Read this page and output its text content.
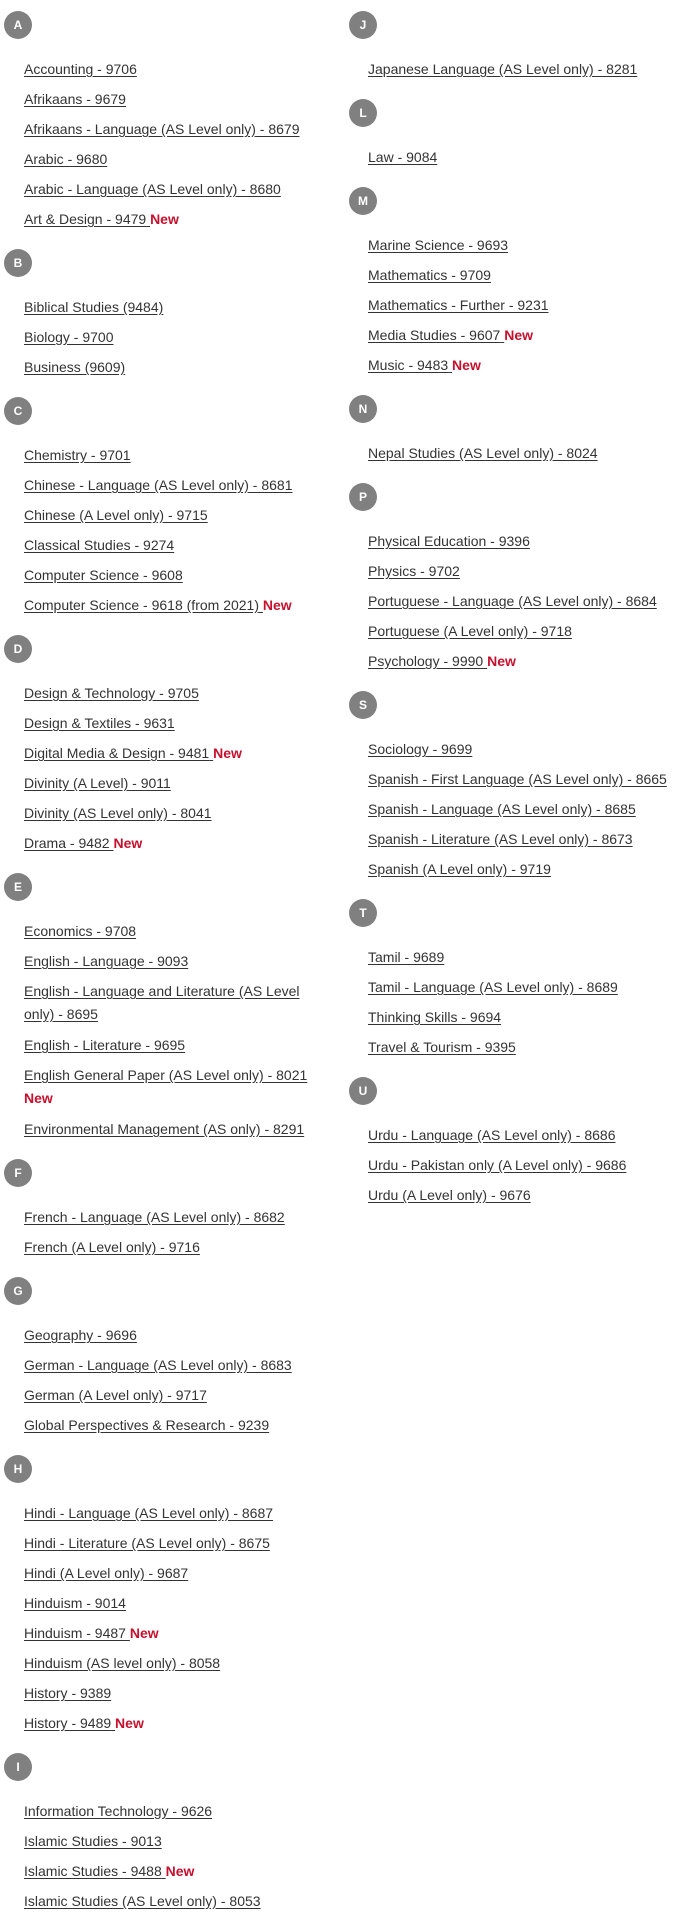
A
Accounting - 9706
Afrikaans - 9679
Afrikaans - Language (AS Level only) - 8679
Arabic - 9680
Arabic - Language (AS Level only) - 8680
Art & Design - 9479 New
B
Biblical Studies (9484)
Biology - 9700
Business (9609)
C
Chemistry - 9701
Chinese - Language (AS Level only) - 8681
Chinese (A Level only) - 9715
Classical Studies - 9274
Computer Science - 9608
Computer Science - 9618 (from 2021) New
D
Design & Technology - 9705
Design & Textiles - 9631
Digital Media & Design - 9481 New
Divinity (A Level) - 9011
Divinity (AS Level only) - 8041
Drama - 9482 New
E
Economics - 9708
English - Language - 9093
English - Language and Literature (AS Level only) - 8695
English - Literature - 9695
English General Paper (AS Level only) - 8021 New
Environmental Management (AS only) - 8291
F
French - Language (AS Level only) - 8682
French (A Level only) - 9716
G
Geography - 9696
German - Language (AS Level only) - 8683
German (A Level only) - 9717
Global Perspectives & Research - 9239
H
Hindi - Language (AS Level only) - 8687
Hindi - Literature (AS Level only) - 8675
Hindi (A Level only) - 9687
Hinduism - 9014
Hinduism - 9487 New
Hinduism (AS level only) - 8058
History - 9389
History - 9489 New
I
Information Technology - 9626
Islamic Studies - 9013
Islamic Studies - 9488 New
Islamic Studies (AS Level only) - 8053
J
Japanese Language (AS Level only) - 8281
L
Law - 9084
M
Marine Science - 9693
Mathematics - 9709
Mathematics - Further - 9231
Media Studies - 9607 New
Music - 9483 New
N
Nepal Studies (AS Level only) - 8024
P
Physical Education - 9396
Physics - 9702
Portuguese - Language (AS Level only) - 8684
Portuguese (A Level only) - 9718
Psychology - 9990 New
S
Sociology - 9699
Spanish - First Language (AS Level only) - 8665
Spanish - Language (AS Level only) - 8685
Spanish - Literature (AS Level only) - 8673
Spanish (A Level only) - 9719
T
Tamil - 9689
Tamil - Language (AS Level only) - 8689
Thinking Skills - 9694
Travel & Tourism - 9395
U
Urdu - Language (AS Level only) - 8686
Urdu - Pakistan only (A Level only) - 9686
Urdu (A Level only) - 9676
